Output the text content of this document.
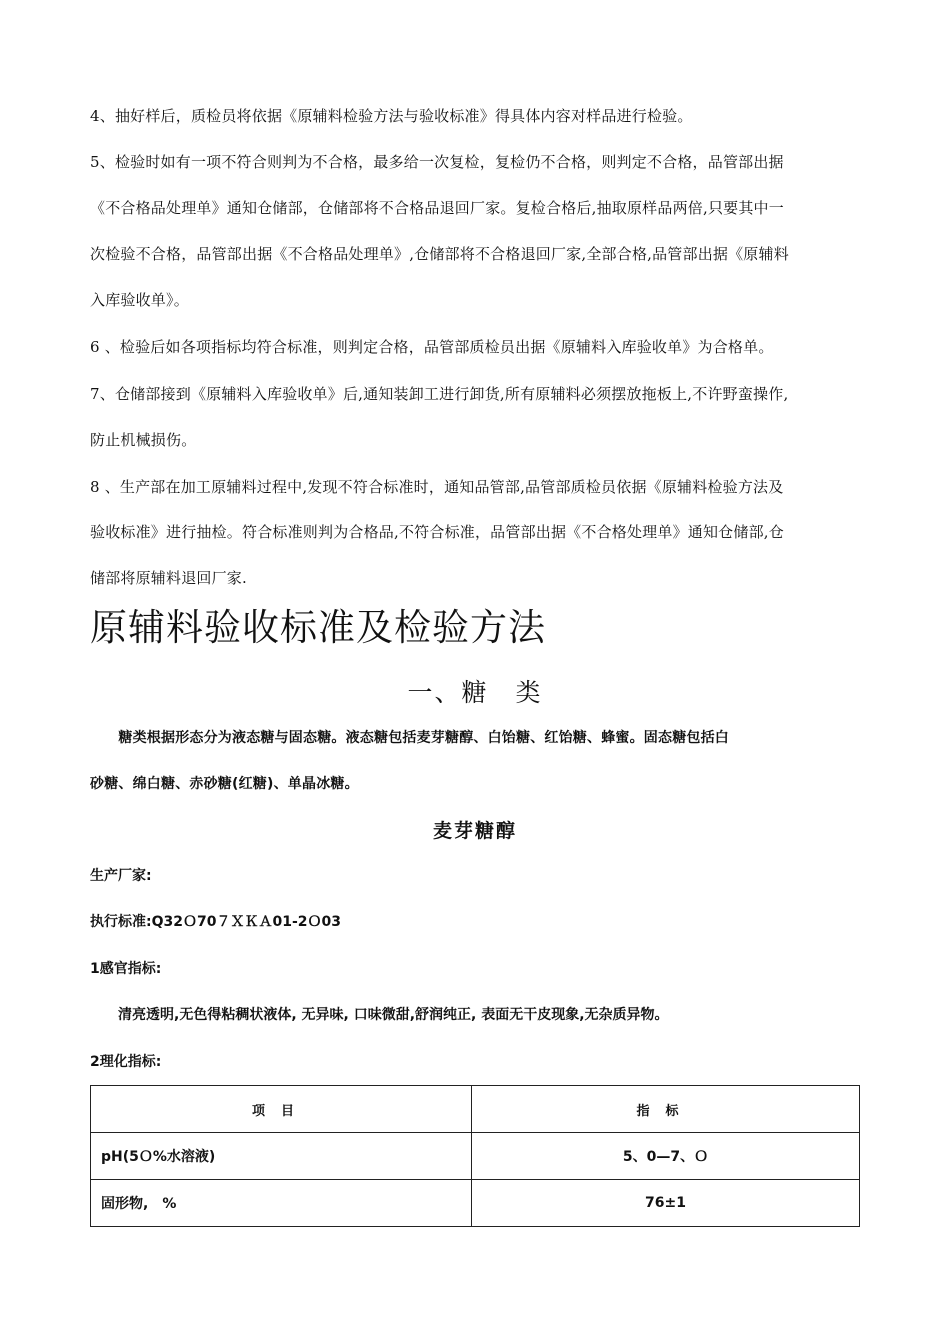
4、抽好样后，质检员将依据《原辅料检验方法与验收标准》得具体内容对样品进行检验。
5、检验时如有一项不符合则判为不合格，最多给一次复检，复检仍不合格，则判定不合格，品管部出据
《不合格品处理单》通知仓储部，仓储部将不合格品退回厂家。复检合格后,抽取原样品两倍,只要其中一
次检验不合格，品管部出据《不合格品处理单》,仓储部将不合格退回厂家,全部合格,品管部出据《原辅料
入库验收单》。
6 、检验后如各项指标均符合标准，则判定合格，品管部质检员出据《原辅料入库验收单》为合格单。
7、仓储部接到《原辅料入库验收单》后,通知装卸工进行卸货,所有原辅料必须摆放拖板上,不许野蛮操作,
防止机械损伤。
8 、生产部在加工原辅料过程中,发现不符合标准时，通知品管部,品管部质检员依据《原辅料检验方法及
验收标准》进行抽检。符合标准则判为合格品,不符合标准，品管部出据《不合格处理单》通知仓储部,仓
储部将原辅料退回厂家.
原辅料验收标准及检验方法
一、糖　类
　　糖类根据形态分为液态糖与固态糖。液态糖包括麦芽糖醇、白饴糖、红饴糖、蜂蜜。固态糖包括白
砂糖、绵白糖、赤砂糖(红糖)、单晶冰糖。
麦芽糖醇
生产厂家:
执行标准:Q32Ｏ70７ＸＫＡ01-2Ｏ03
1感官指标:
　　清亮透明,无色得粘稠状液体, 无异味, 口味微甜,舒润纯正, 表面无干皮现象,无杂质异物。
2理化指标:
项目	指标
pH(5Ｏ%水溶液)	5、0—7、Ｏ
固形物,　%	76±1
